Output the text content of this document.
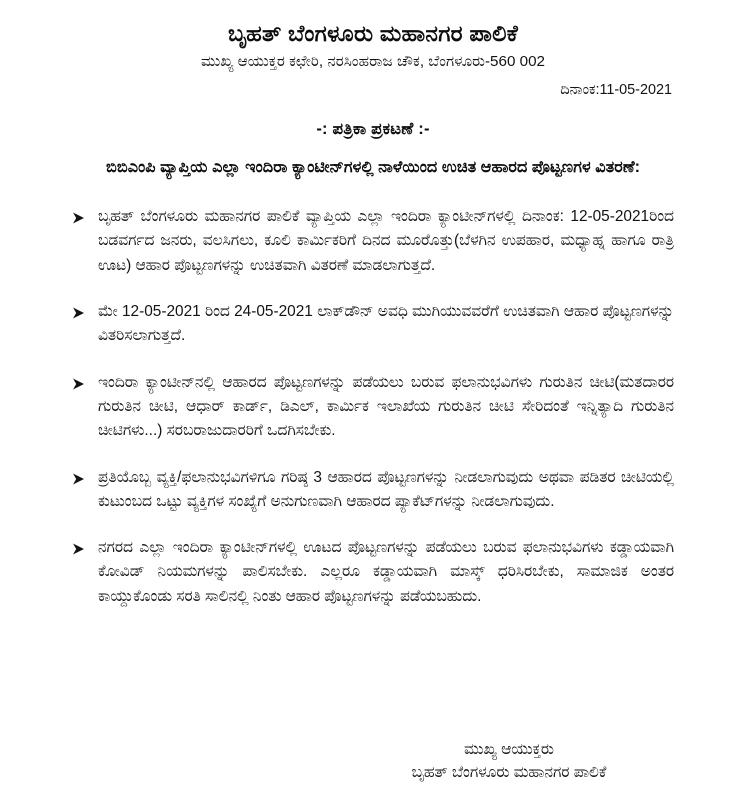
ಬೃಹತ್ ಬೆಂಗಳೂರು ಮಹಾನಗರ ಪಾಲಿಕೆ
ಮುಖ್ಯ ಆಯುಕ್ತರ ಕಛೇರಿ, ನರಸಿಂಹರಾಜ ಚೌಕ, ಬೆಂಗಳೂರು-560 002
ದಿನಾಂಕ:11-05-2021
-: ಪತ್ರಿಕಾ ಪ್ರಕಟಣೆ :-
ಬಿಬಿಎಂಪಿ ವ್ಯಾಪ್ತಿಯ ಎಲ್ಲಾ ಇಂದಿರಾ ಕ್ಯಾಂಟೀನ್‌ಗಳಲ್ಲಿ ನಾಳೆಯಿಂದ ಉಚಿತ ಆಹಾರದ ಪೊಟ್ಟಣಗಳ ವಿತರಣೆ:
ಬೃಹತ್ ಬೆಂಗಳೂರು ಮಹಾನಗರ ಪಾಲಿಕೆ ವ್ಯಾಪ್ತಿಯ ಎಲ್ಲಾ ಇಂದಿರಾ ಕ್ಯಾಂಟೀನ್‌ಗಳಲ್ಲಿ ದಿನಾಂಕ: 12-05-2021ರಿಂದ ಬಡವರ್ಗದ ಜನರು, ವಲಸಿಗಲು, ಕೂಲಿ ಕಾರ್ಮಿಕರಿಗೆ ದಿನದ ಮೂರೊತ್ತು(ಬೆಳಗಿನ ಉಪಹಾರ, ಮಧ್ಯಾಹ್ನ ಹಾಗೂ ರಾತ್ರಿ ಊಟ) ಆಹಾರ ಪೊಟ್ಟಣಗಳನ್ನು ಉಚಿತವಾಗಿ ವಿತರಣೆ ಮಾಡಲಾಗುತ್ತದೆ.
ಮೇ 12-05-2021 ರಿಂದ 24-05-2021 ಲಾಕ್‌ಡೌನ್ ಅವಧಿ ಮುಗಿಯುವವರೆಗೆ ಉಚಿತವಾಗಿ ಆಹಾರ ಪೊಟ್ಟಣಗಳನ್ನು ವಿತರಿಸಲಾಗುತ್ತದೆ.
ಇಂದಿರಾ ಕ್ಯಾಂಟೀನ್‌ನಲ್ಲಿ ಆಹಾರದ ಪೊಟ್ಟಣಗಳನ್ನು ಪಡೆಯಲು ಬರುವ ಫಲಾನುಭವಿಗಳು ಗುರುತಿನ ಚೀಟಿ(ಮತದಾರರ ಗುರುತಿನ ಚೀಟಿ, ಆಧಾರ್ ಕಾರ್ಡ್, ಡಿಎಲ್, ಕಾರ್ಮಿಕ ಇಲಾಖೆಯ ಗುರುತಿನ ಚೀಟಿ ಸೇರಿದಂತೆ ಇನ್ನಿತ್ಯಾದಿ ಗುರುತಿನ ಚೀಟಿಗಳು...) ಸರಬರಾಜುದಾರರಿಗೆ ಒದಗಿಸಬೇಕು.
ಪ್ರತಿಯೊಬ್ಬ ವ್ಯಕ್ತಿ/ಫಲಾನುಭವಿಗಳಿಗೂ ಗರಿಷ್ಠ 3 ಆಹಾರದ ಪೊಟ್ಟಣಗಳನ್ನು ನೀಡಲಾಗುವುದು ಅಥವಾ ಪಡಿತರ ಚೀಟಿಯಲ್ಲಿ ಕುಟುಂಬದ ಒಟ್ಟು ವ್ಯಕ್ತಿಗಳ ಸಂಖ್ಯೆಗೆ ಅನುಗುಣವಾಗಿ ಆಹಾರದ ಪ್ಯಾಕೆಟ್‌ಗಳನ್ನು ನೀಡಲಾಗುವುದು.
ನಗರದ ಎಲ್ಲಾ ಇಂದಿರಾ ಕ್ಯಾಂಟೀನ್‌ಗಳಲ್ಲಿ ಊಟದ ಪೊಟ್ಟಣಗಳನ್ನು ಪಡೆಯಲು ಬರುವ ಫಲಾನುಭವಿಗಳು ಕಡ್ಡಾಯವಾಗಿ ಕೋವಿಡ್ ನಿಯಮಗಳನ್ನು ಪಾಲಿಸಬೇಕು. ಎಲ್ಲರೂ ಕಡ್ಡಾಯವಾಗಿ ಮಾಸ್ಕ್ ಧರಿಸಿರಬೇಕು, ಸಾಮಾಜಿಕ ಅಂತರ ಕಾಯ್ದುಕೊಂಡು ಸರತಿ ಸಾಲಿನಲ್ಲಿ ನಿಂತು ಆಹಾರ ಪೊಟ್ಟಣಗಳನ್ನು ಪಡೆಯಬಹುದು.
ಮುಖ್ಯ ಆಯುಕ್ತರು
ಬೃಹತ್ ಬೆಂಗಳೂರು ಮಹಾನಗರ ಪಾಲಿಕೆ
